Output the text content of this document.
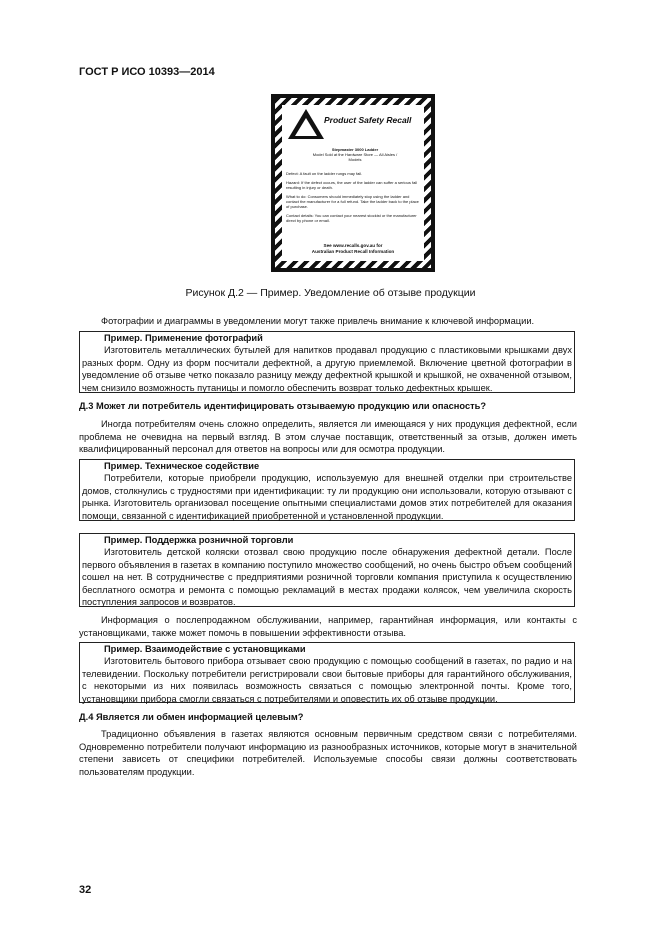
ГОСТ Р ИСО 10393—2014
Product Safety Recall
Stepmaster 3000 Ladder
Model Sold at the Hardware Store — All Aisles / Models

Defect: A fault on the ladder rungs may fail.

Hazard: If the defect occurs, the user of the ladder can suffer a serious fall resulting in injury or death.

What to do: Consumers should immediately stop using the ladder and contact the manufacturer for a full refund. Take the ladder back to the place of purchase.

Contact details: You can contact your nearest stockist or the manufacturer direct by phone or email.

See www.recalls.gov.au for
Australian Product Recall Information
Рисунок Д.2 — Пример. Уведомление об отзыве продукции
Фотографии и диаграммы в уведомлении могут также привлечь внимание к ключевой информации.
Пример. Применение фотографий
Изготовитель металлических бутылей для напитков продавал продукцию с пластиковыми крышками двух разных форм. Одну из форм посчитали дефектной, а другую приемлемой. Включение цветной фотографии в уведомление об отзыве четко показало разницу между дефектной крышкой и крышкой, не охваченной отзывом, чем снизило возможность путаницы и помогло обеспечить возврат только дефектных крышек.
Д.3 Может ли потребитель идентифицировать отзываемую продукцию или опасность?
Иногда потребителям очень сложно определить, является ли имеющаяся у них продукция дефектной, если проблема не очевидна на первый взгляд. В этом случае поставщик, ответственный за отзыв, должен иметь квалифицированный персонал для ответов на вопросы или для осмотра продукции.
Пример. Техническое содействие
Потребители, которые приобрели продукцию, используемую для внешней отделки при строительстве домов, столкнулись с трудностями при идентификации: ту ли продукцию они использовали, которую отзывают с рынка. Изготовитель организовал посещение опытными специалистами домов этих потребителей для оказания помощи, связанной с идентификацией приобретенной и установленной продукции.
Пример. Поддержка розничной торговли
Изготовитель детской коляски отозвал свою продукцию после обнаружения дефектной детали. После первого объявления в газетах в компанию поступило множество сообщений, но очень быстро объем сообщений сошел на нет. В сотрудничестве с предприятиями розничной торговли компания приступила к осуществлению бесплатного осмотра и ремонта с помощью рекламаций в местах продажи колясок, чем увеличила скорость поступления запросов и возвратов.
Информация о послепродажном обслуживании, например, гарантийная информация, или контакты с установщиками, также может помочь в повышении эффективности отзыва.
Пример. Взаимодействие с установщиками
Изготовитель бытового прибора отзывает свою продукцию с помощью сообщений в газетах, по радио и на телевидении. Поскольку потребители регистрировали свои бытовые приборы для гарантийного обслуживания, с некоторыми из них появилась возможность связаться с помощью электронной почты. Кроме того, установщики прибора смогли связаться с потребителями и оповестить их об отзыве продукции.
Д.4 Является ли обмен информацией целевым?
Традиционно объявления в газетах являются основным первичным средством связи с потребителями. Одновременно потребители получают информацию из разнообразных источников, которые могут в значительной степени зависеть от специфики потребителей. Используемые способы связи должны соответствовать пользователям продукции.
32
